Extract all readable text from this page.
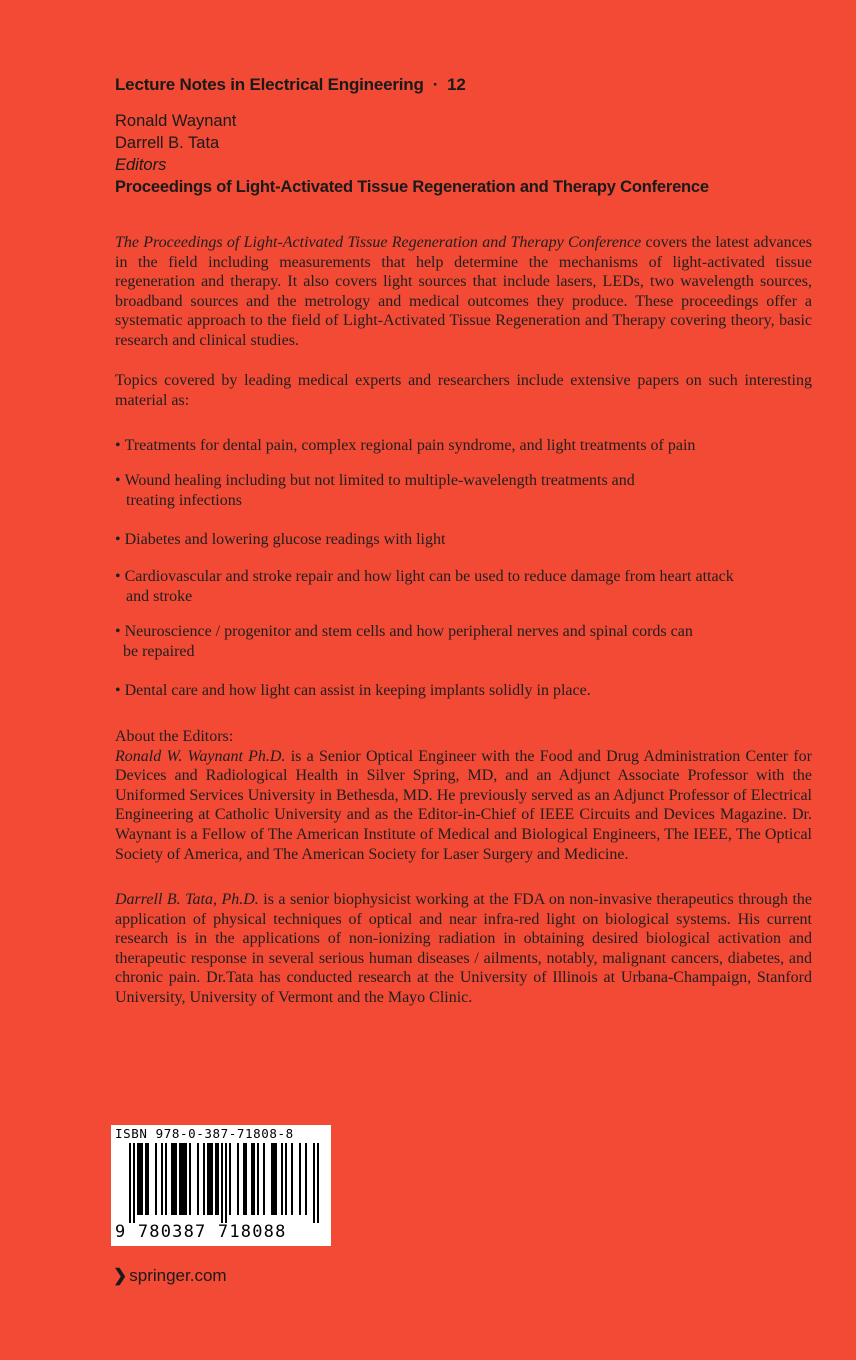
Lecture Notes in Electrical Engineering · 12
Ronald Waynant
Darrell B. Tata
Editors
Proceedings of Light-Activated Tissue Regeneration and Therapy Conference

The Proceedings of Light-Activated Tissue Regeneration and Therapy Conference covers the latest advances in the field including measurements that help determine the mechanisms of light-activated tissue regeneration and therapy. It also covers light sources that include lasers, LEDs, two wavelength sources, broadband sources and the metrology and medical outcomes they produce. These proceedings offer a systematic approach to the field of Light-Activated Tissue Regeneration and Therapy covering theory, basic research and clinical studies.

Topics covered by leading medical experts and researchers include extensive papers on such interesting material as:

• Treatments for dental pain, complex regional pain syndrome, and light treatments of pain
• Wound healing including but not limited to multiple-wavelength treatments and
treating infections
• Diabetes and lowering glucose readings with light
• Cardiovascular and stroke repair and how light can be used to reduce damage from heart attack
and stroke
• Neuroscience / progenitor and stem cells and how peripheral nerves and spinal cords can
be repaired
• Dental care and how light can assist in keeping implants solidly in place.
About the Editors:

Ronald W. Waynant Ph.D. is a Senior Optical Engineer with the Food and Drug Administration Center for Devices and Radiological Health in Silver Spring, MD, and an Adjunct Associate Professor with the Uniformed Services University in Bethesda, MD. He previously served as an Adjunct Professor of Electrical Engineering at Catholic University and as the Editor-in-Chief of IEEE Circuits and Devices Magazine. Dr. Waynant is a Fellow of The American Institute of Medical and Biological Engineers, The IEEE, The Optical Society of America, and The American Society for Laser Surgery and Medicine.

Darrell B. Tata, Ph.D. is a senior biophysicist working at the FDA on non-invasive therapeutics through the application of physical techniques of optical and near infra-red light on biological systems. His current research is in the applications of non-ionizing radiation in obtaining desired biological activation and therapeutic response in several serious human diseases / ailments, notably, malignant cancers, diabetes, and chronic pain. Dr.Tata has conducted research at the University of Illinois at Urbana-Champaign, Stanford University, University of Vermont and the Mayo Clinic.

ISBN 978-0-387-71808-8
9 780387 718088
❯ springer.com
